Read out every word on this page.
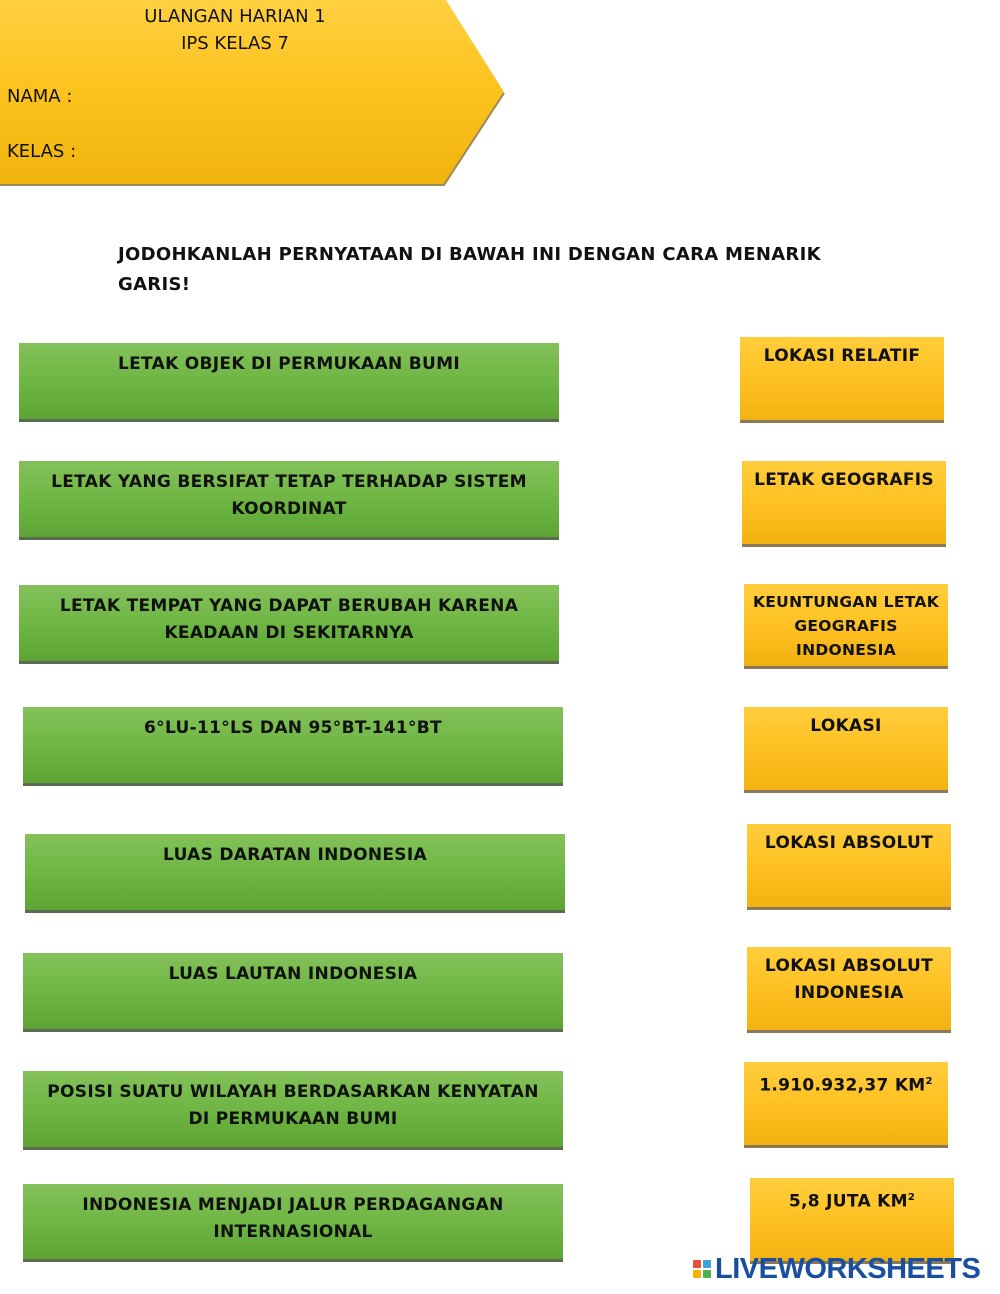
ULANGAN HARIAN 1
IPS KELAS 7
NAMA :
KELAS :
JODOHKANLAH PERNYATAAN DI BAWAH INI DENGAN CARA MENARIK GARIS!
LETAK OBJEK DI PERMUKAAN BUMI
LETAK YANG BERSIFAT TETAP TERHADAP SISTEM KOORDINAT
LETAK TEMPAT YANG DAPAT BERUBAH KARENA KEADAAN DI SEKITARNYA
6°LU-11°LS DAN 95°BT-141°BT
LUAS DARATAN INDONESIA
LUAS LAUTAN INDONESIA
POSISI SUATU WILAYAH BERDASARKAN KENYATAN DI PERMUKAAN BUMI
INDONESIA MENJADI JALUR PERDAGANGAN INTERNASIONAL
LOKASI RELATIF
LETAK GEOGRAFIS
KEUNTUNGAN LETAK GEOGRAFIS INDONESIA
LOKASI
LOKASI ABSOLUT
LOKASI ABSOLUT INDONESIA
1.910.932,37 $KM^2$
5,8 JUTA $KM^2$
LIVEWORKSHEETS
